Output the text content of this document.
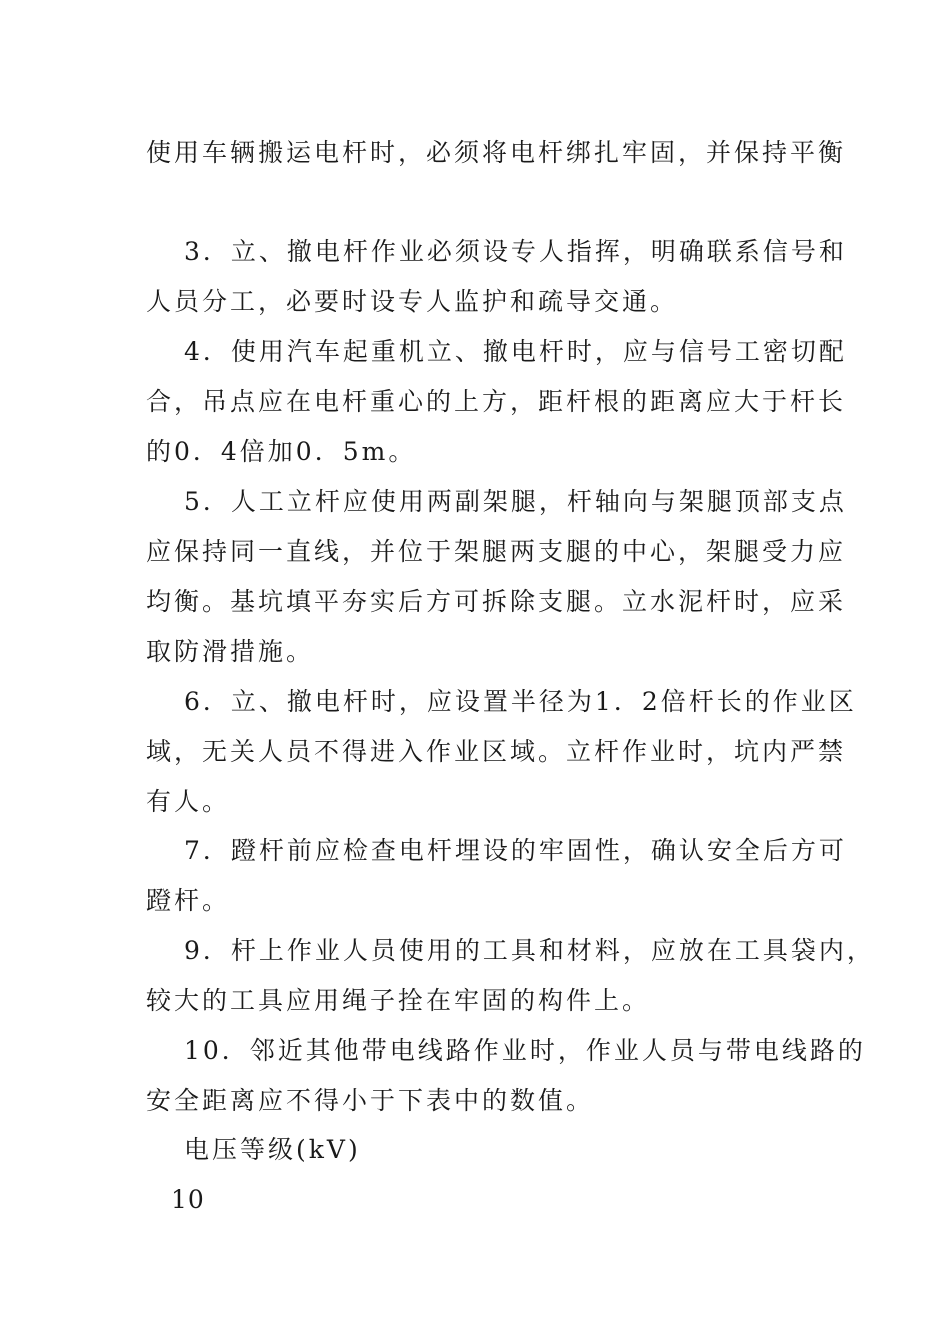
使用车辆搬运电杆时，必须将电杆绑扎牢固，并保持平衡
3．立、撤电杆作业必须设专人指挥，明确联系信号和
人员分工，必要时设专人监护和疏导交通。
4．使用汽车起重机立、撤电杆时，应与信号工密切配
合，吊点应在电杆重心的上方，距杆根的距离应大于杆长
的0．4倍加0．5m。
5．人工立杆应使用两副架腿，杆轴向与架腿顶部支点
应保持同一直线，并位于架腿两支腿的中心，架腿受力应
均衡。基坑填平夯实后方可拆除支腿。立水泥杆时，应采
取防滑措施。
6．立、撤电杆时，应设置半径为1．2倍杆长的作业区
域，无关人员不得进入作业区域。立杆作业时，坑内严禁
有人。
7．蹬杆前应检查电杆埋设的牢固性，确认安全后方可
蹬杆。
9．杆上作业人员使用的工具和材料，应放在工具袋内，
较大的工具应用绳子拴在牢固的构件上。
10．邻近其他带电线路作业时，作业人员与带电线路的
安全距离应不得小于下表中的数值。
电压等级(kV)
10
